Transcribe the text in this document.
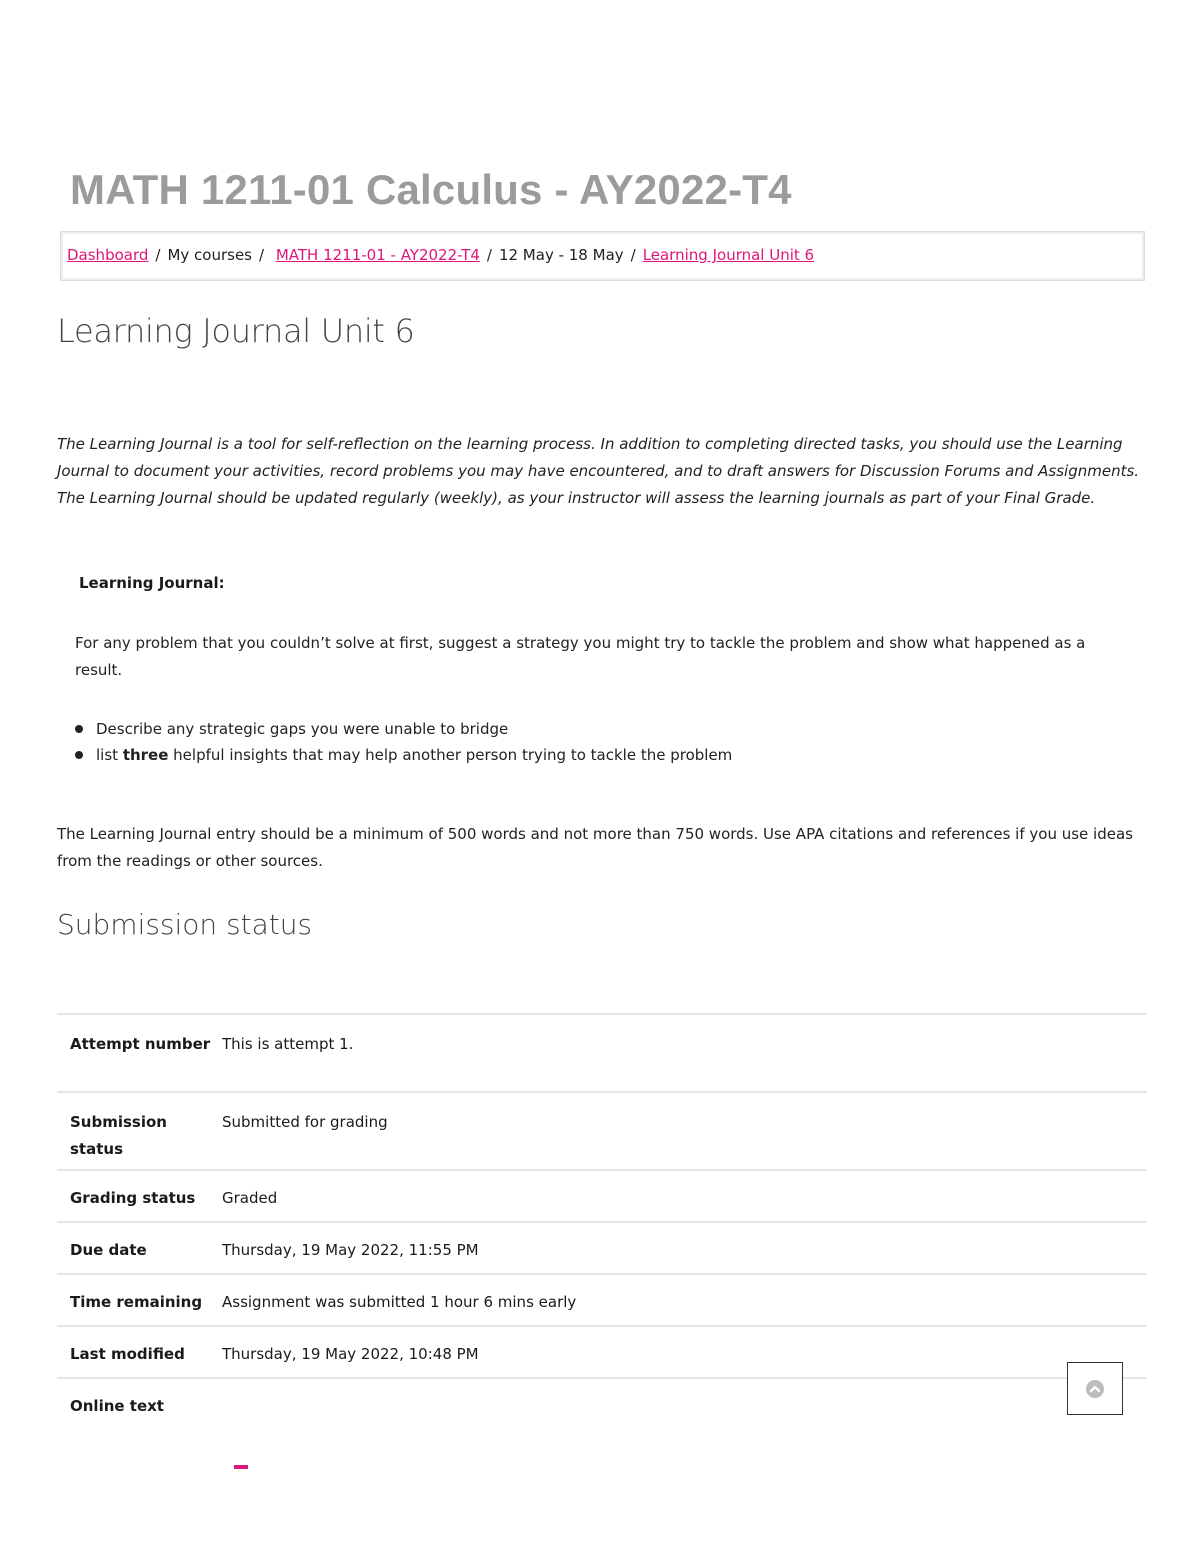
MATH 1211-01 Calculus - AY2022-T4
Dashboard / My courses / MATH 1211-01 - AY2022-T4 / 12 May - 18 May / Learning Journal Unit 6
Learning Journal Unit 6
The Learning Journal is a tool for self-reflection on the learning process. In addition to completing directed tasks, you should use the Learning Journal to document your activities, record problems you may have encountered, and to draft answers for Discussion Forums and Assignments. The Learning Journal should be updated regularly (weekly), as your instructor will assess the learning journals as part of your Final Grade.
Learning Journal:
For any problem that you couldn’t solve at first, suggest a strategy you might try to tackle the problem and show what happened as a result.
Describe any strategic gaps you were unable to bridge
list three helpful insights that may help another person trying to tackle the problem
The Learning Journal entry should be a minimum of 500 words and not more than 750 words. Use APA citations and references if you use ideas from the readings or other sources.
Submission status
Attempt number	This is attempt 1.
Submission status	Submitted for grading
Grading status	Graded
Due date	Thursday, 19 May 2022, 11:55 PM
Time remaining	Assignment was submitted 1 hour 6 mins early
Last modified	Thursday, 19 May 2022, 10:48 PM
Online text	
